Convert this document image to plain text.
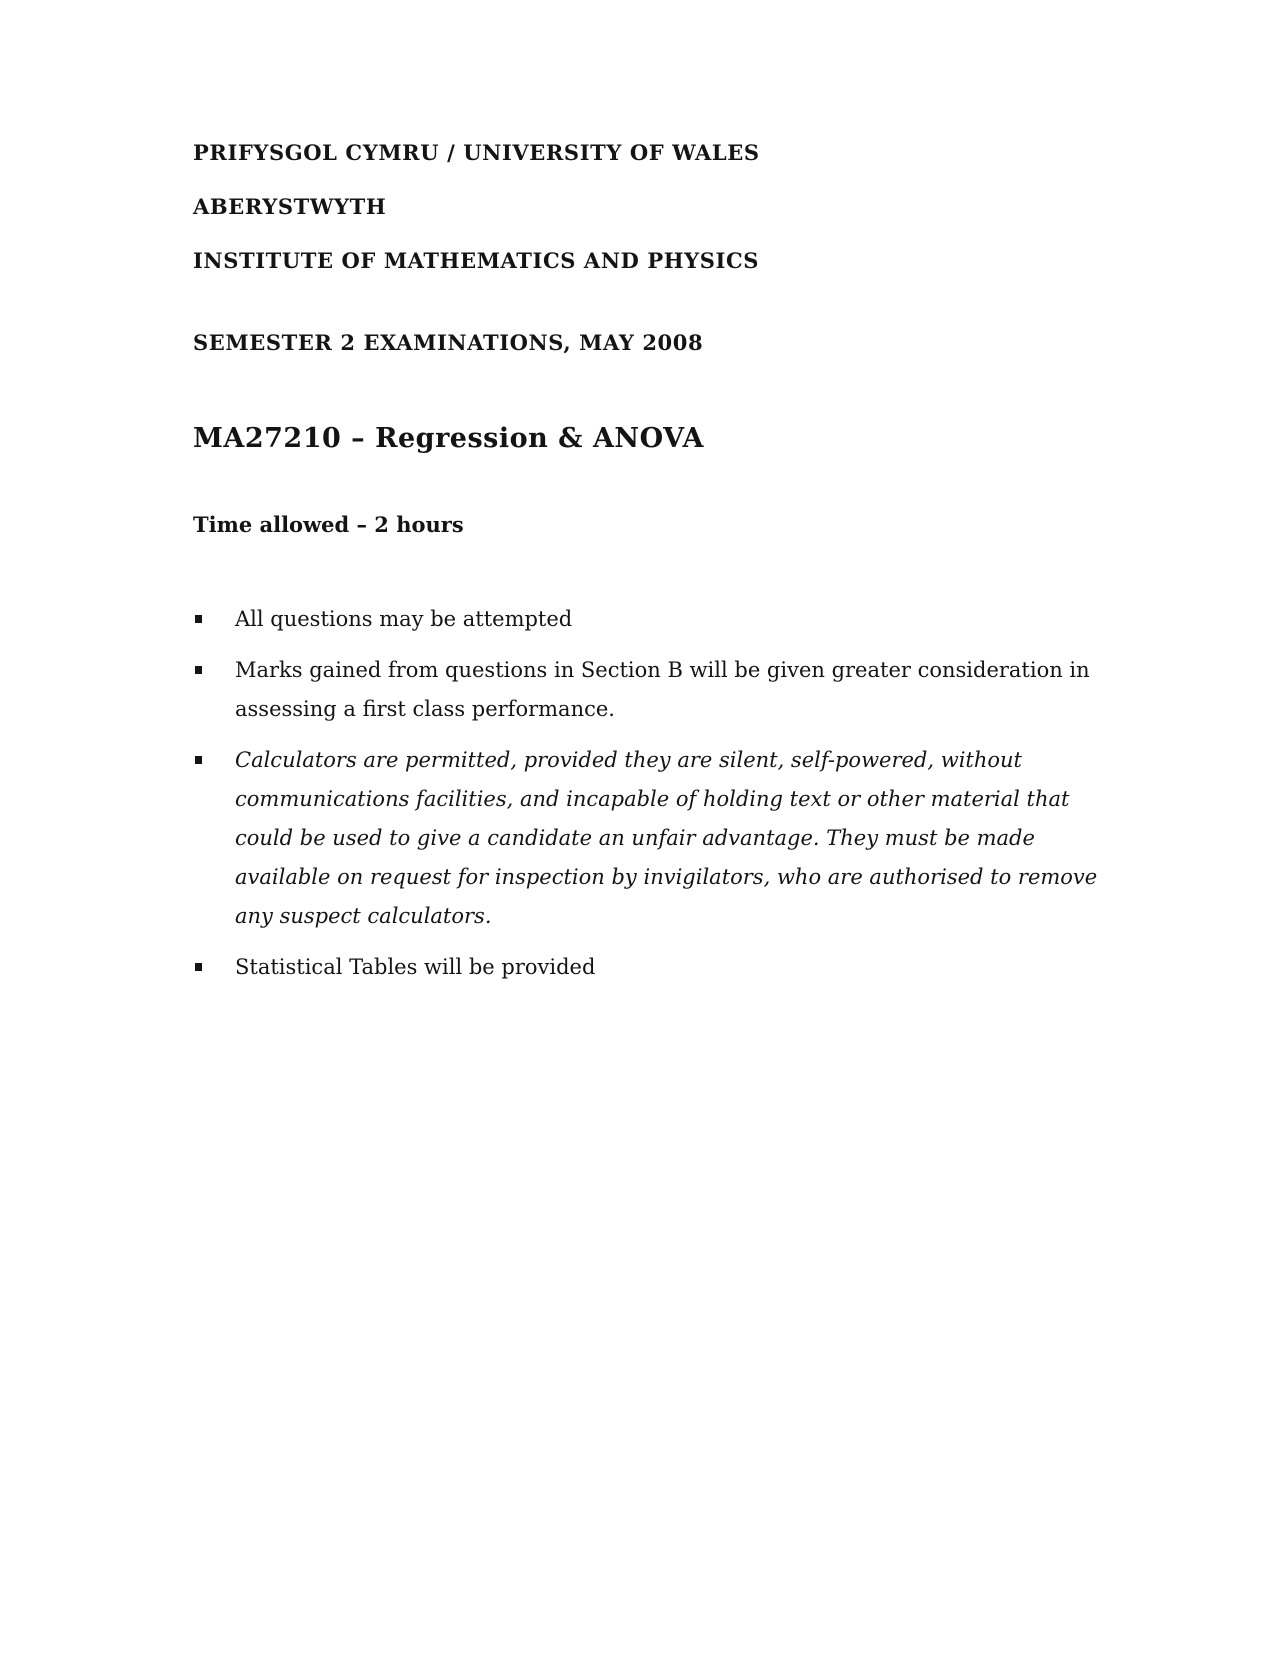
PRIFYSGOL CYMRU / UNIVERSITY OF WALES

ABERYSTWYTH

INSTITUTE OF MATHEMATICS AND PHYSICS

SEMESTER 2 EXAMINATIONS, MAY 2008

MA27210 – Regression & ANOVA

Time allowed – 2 hours

All questions may be attempted
Marks gained from questions in Section B will be given greater consideration in assessing a first class performance.
Calculators are permitted, provided they are silent, self-powered, without communications facilities, and incapable of holding text or other material that could be used to give a candidate an unfair advantage. They must be made available on request for inspection by invigilators, who are authorised to remove any suspect calculators.
Statistical Tables will be provided
